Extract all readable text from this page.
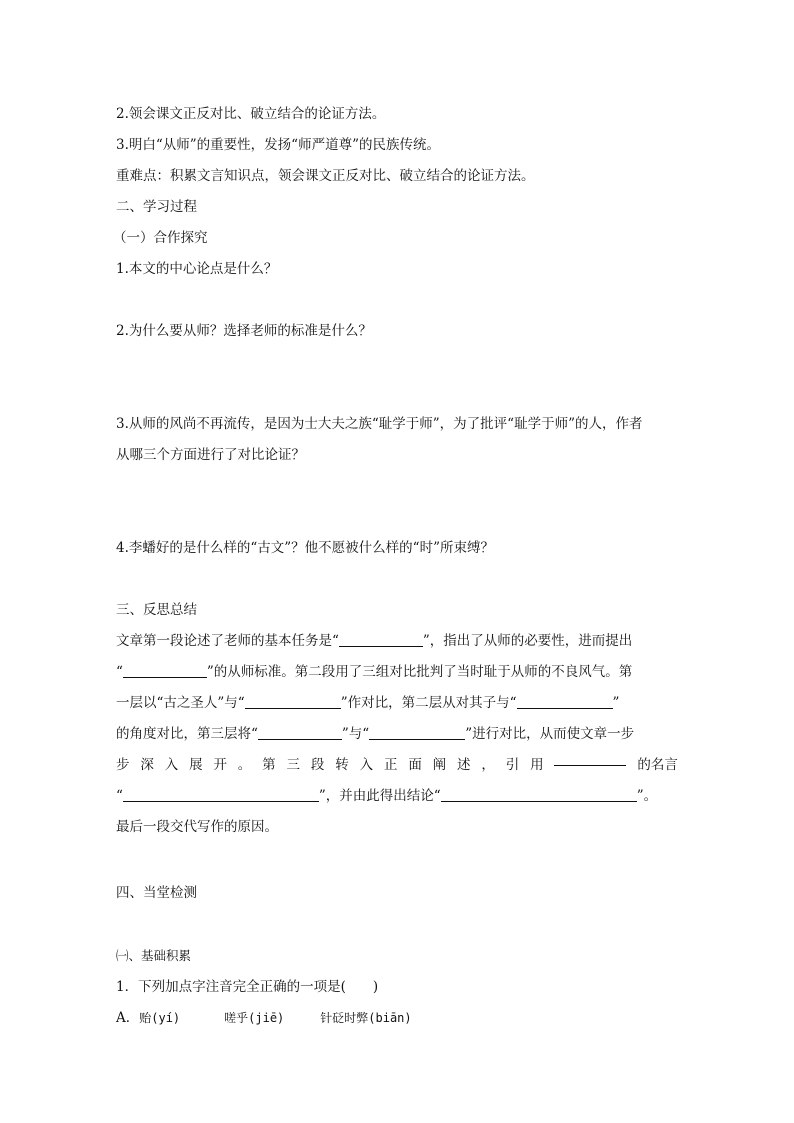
2.领会课文正反对比、破立结合的论证方法。
3.明白“从师”的重要性，发扬“师严道尊”的民族传统。
重难点：积累文言知识点，领会课文正反对比、破立结合的论证方法。
二、学习过程
（一）合作探究
1.本文的中心论点是什么？
2.为什么要从师？选择老师的标准是什么？
3.从师的风尚不再流传，是因为士大夫之族“耻学于师”，为了批评“耻学于师”的人，作者
从哪三个方面进行了对比论证？
4.李蟠好的是什么样的“古文”？他不愿被什么样的“时”所束缚？
三、反思总结
文章第一段论述了老师的基本任务是“	”，指出了从师的必要性，进而提出
“	”的从师标准。第二段用了三组对比批判了当时耻于从师的不良风气。第
一层以“古之圣人”与“	”作对比，第二层从对其子与“	”
的角度对比，第三层将“	”与“	”进行对比，从而使文章一步
步 深 入 展 开 。 第 三 段 转 入 正 面 阐 述 ， 引 用	的名言
“	”，并由此得出结论“	”。
最后一段交代写作的原因。
四、当堂检测
㈠、基础积累
1．下列加点字注音完全正确的一项是(　　)
A．贻(yí)	嗟乎(jiē)	针砭时弊(biān)
